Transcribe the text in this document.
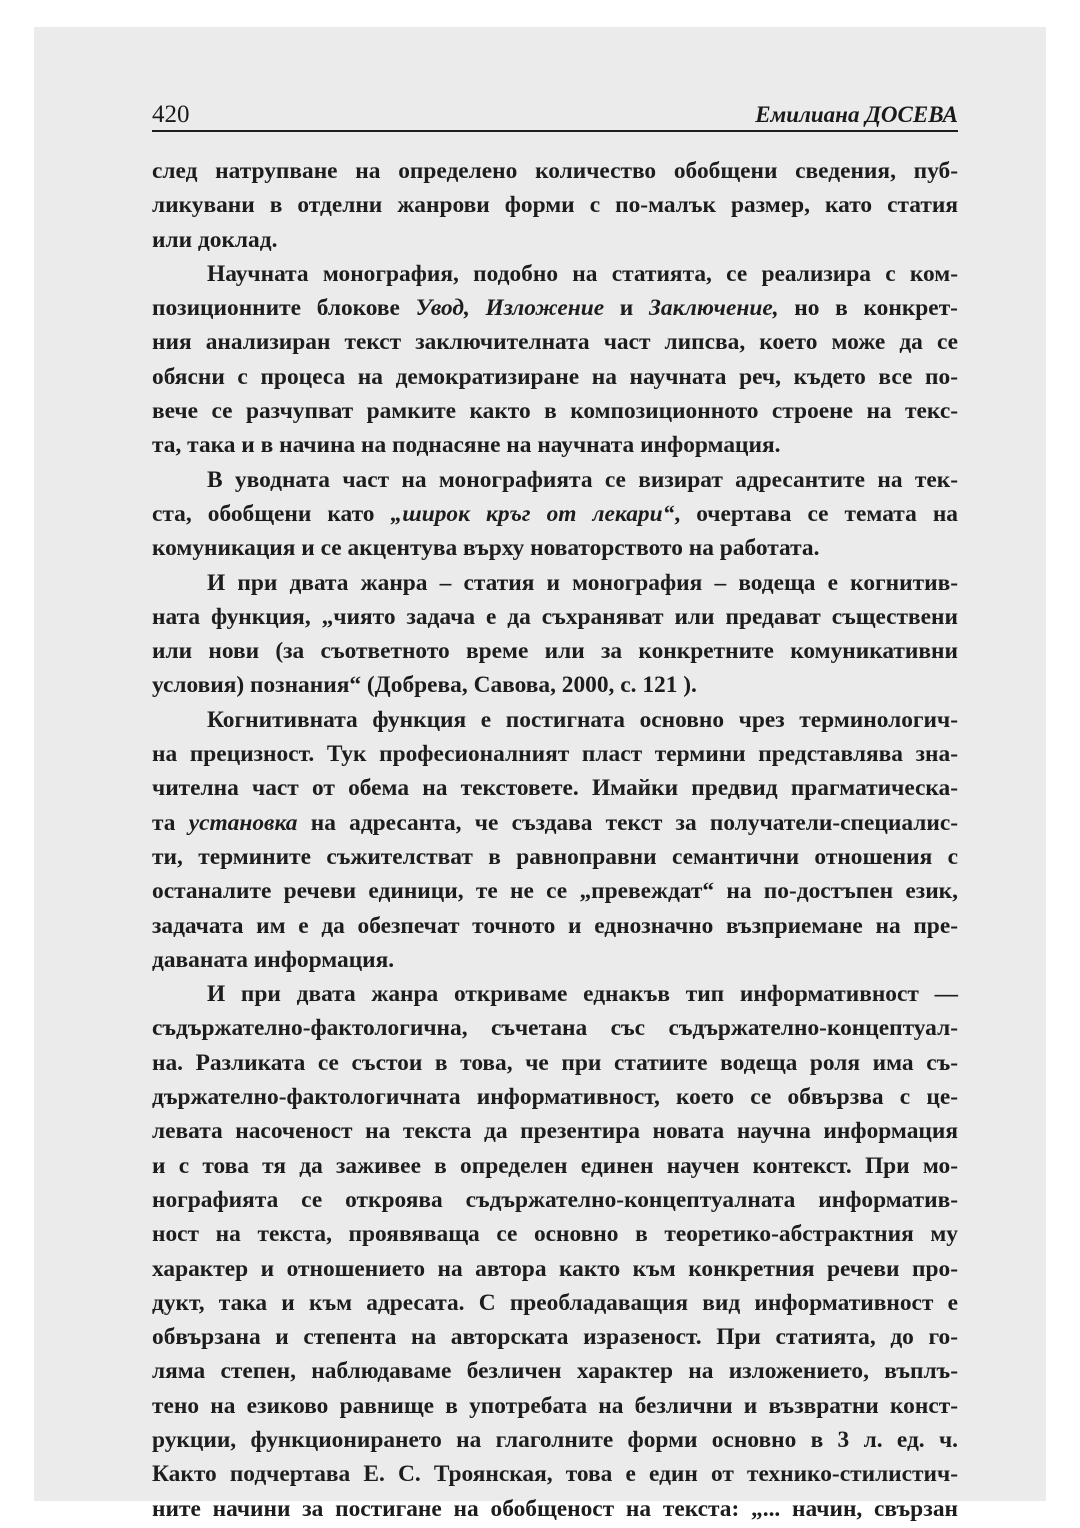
420	Емилиана ДОСЕВА
след натрупване на определено количество обобщени сведения, пуб-
ликувани в отделни жанрови форми с по-малък размер, като статия
или доклад.
Научната монография, подобно на статията, се реализира с ком-
позиционните блокове Увод, Изложение и Заключение, но в конкрет-
ния анализиран текст заключителната част липсва, което може да се
обясни с процеса на демократизиране на научната реч, където все по-
вече се разчупват рамките както в композиционното строене на текс-
та, така и в начина на поднасяне на научната информация.
В уводната част на монографията се визират адресантите на тек-
ста, обобщени като „широк кръг от лекари“, очертава се темата на
комуникация и се акцентува върху новаторството на работата.
И при двата жанра – статия и монография – водеща е когнитив-
ната функция, „чиято задача е да съхраняват или предават съществени
или нови (за съответното време или за конкретните комуникативни
условия) познания“ (Добрева, Савова, 2000, с. 121 ).
Когнитивната функция е постигната основно чрез терминологич-
на прецизност. Тук професионалният пласт термини представлява зна-
чителна част от обема на текстовете. Имайки предвид прагматическа-
та установка на адресанта, че създава текст за получатели-специалис-
ти, термините съжителстват в равноправни семантични отношения с
останалите речеви единици, те не се „превеждат“ на по-достъпен език,
задачата им е да обезпечат точното и еднозначно възприемане на пре-
даваната информация.
И при двата жанра откриваме еднакъв тип информативност —
съдържателно-фактологична, съчетана със съдържателно-концептуал-
на. Разликата се състои в това, че при статиите водеща роля има съ-
държателно-фактологичната информативност, което се обвързва с це-
левата насоченост на текста да презентира новата научна информация
и с това тя да заживее в определен единен научен контекст. При мо-
нографията се откроява съдържателно-концептуалната информатив-
ност на текста, проявяваща се основно в теоретико-абстрактния му
характер и отношението на автора както към конкретния речеви про-
дукт, така и към адресата. С преобладаващия вид информативност е
обвързана и степента на авторската изразеност. При статията, до го-
ляма степен, наблюдаваме безличен характер на изложението, въплъ-
тено на езиково равнище в употребата на безлични и възвратни конст-
рукции, функционирането на глаголните форми основно в 3 л. ед. ч.
Както подчертава Е. С. Троянская, това е един от технико-стилистич-
ните начини за постигане на обобщеност на текста: „... начин, свързан
